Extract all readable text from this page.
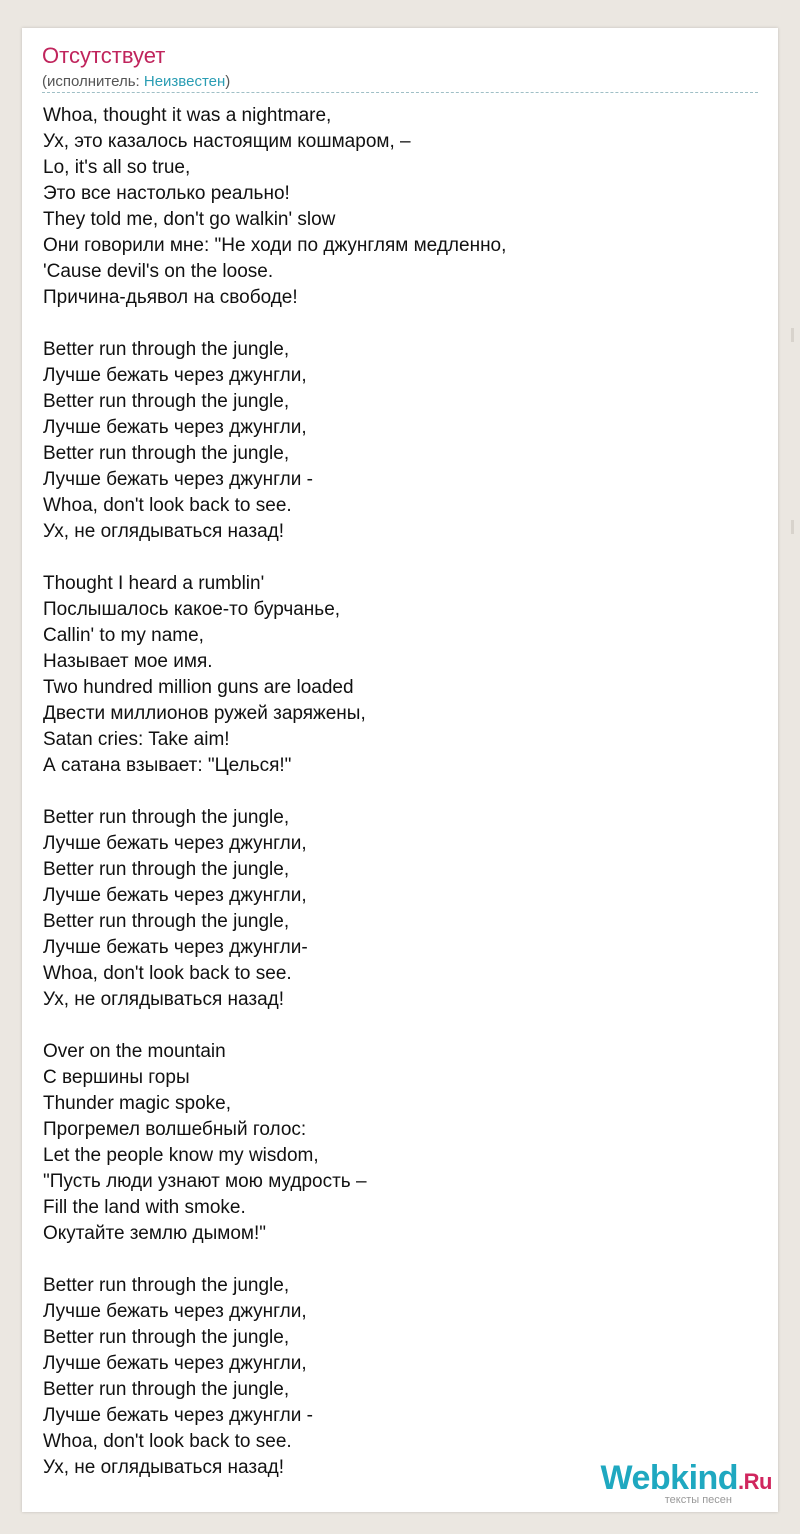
Отсутствует
(исполнитель: Неизвестен)
Whoa, thought it was a nightmare,
Ух, это казалось настоящим кошмаром, –
Lo, it's all so true,
Это все настолько реально!
They told me, don't go walkin' slow
Они говорили мне: "Не ходи по джунглям медленно,
'Cause devil's on the loose.
Причина-дьявол на свободе!
Better run through the jungle,
Лучше бежать через джунгли,
Better run through the jungle,
Лучше бежать через джунгли,
Better run through the jungle,
Лучше бежать через джунгли -
Whoa, don't look back to see.
Ух, не оглядываться назад!
Thought I heard a rumblin'
Послышалось какое-то бурчанье,
Callin' to my name,
Называет мое имя.
Two hundred million guns are loaded
Двести миллионов ружей заряжены,
Satan cries: Take aim!
А сатана взывает: "Целься!"
Better run through the jungle,
Лучше бежать через джунгли,
Better run through the jungle,
Лучше бежать через джунгли,
Better run through the jungle,
Лучше бежать через джунгли-
Whoa, don't look back to see.
Ух, не оглядываться назад!
Over on the mountain
С вершины горы
Thunder magic spoke,
Прогремел волшебный голос:
Let the people know my wisdom,
"Пусть люди узнают мою мудрость –
Fill the land with smoke.
Окутайте землю дымом!"
Better run through the jungle,
Лучше бежать через джунгли,
Better run through the jungle,
Лучше бежать через джунгли,
Better run through the jungle,
Лучше бежать через джунгли -
Whoa, don't look back to see.
Ух, не оглядываться назад!	Webkind.Ru
тексты песен
